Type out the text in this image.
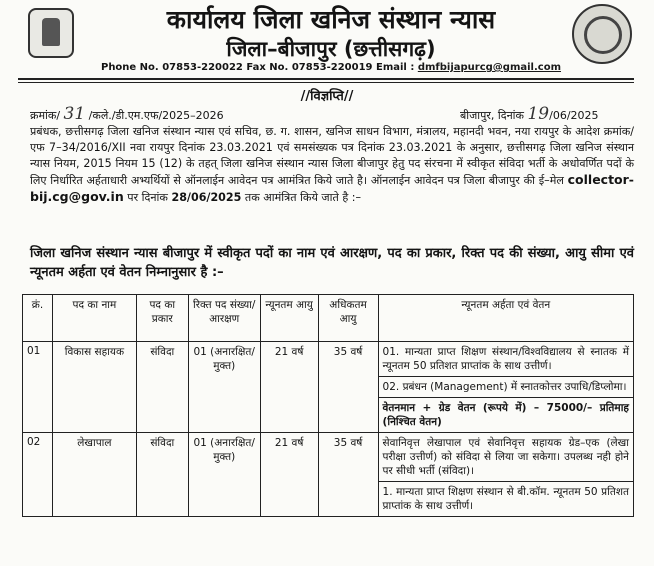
कार्यालय जिला खनिज संस्थान न्यास
जिला–बीजापुर (छत्तीसगढ़)
Phone No. 07853-220022 Fax No. 07853-220019 Email : dmfbijapurcg@gmail.com
//विज्ञप्ति//
क्रमांक/ 31 /कले./डी.एम.एफ/2025–2026	बीजापुर, दिनांक 19/06/2025
प्रबंधक, छत्तीसगढ़ जिला खनिज संस्थान न्यास एवं सचिव, छ. ग. शासन, खनिज साधन विभाग, मंत्रालय, महानदी भवन, नया रायपुर के आदेश क्रमांक/एफ 7–34/2016/XII नवा रायपुर दिनांक 23.03.2021 एवं समसंख्यक पत्र दिनांक 23.03.2021 के अनुसार, छत्तीसगढ़ जिला खनिज संस्थान न्यास नियम, 2015 नियम 15 (12) के तहत् जिला खनिज संस्थान न्यास जिला बीजापुर हेतु पद संरचना में स्वीकृत संविदा भर्ती के अधोवर्णित पदों के लिए निर्धारित अर्हताधारी अभ्यर्थियों से ऑनलाईन आवेदन पत्र आमंत्रित किये जाते है। ऑनलाईन आवेदन पत्र जिला बीजापुर की ई–मेल collector-bij.cg@gov.in पर दिनांक 28/06/2025 तक आमंत्रित किये जाते है :–
जिला खनिज संस्थान न्यास बीजापुर में स्वीकृत पदों का नाम एवं आरक्षण, पद का प्रकार, रिक्त पद की संख्या, आयु सीमा एवं न्यूनतम अर्हता एवं वेतन निम्नानुसार है :–
क्रं.	पद का नाम	पद का प्रकार	रिक्त पद संख्या/आरक्षण	न्यूनतम आयु	अधिकतम आयु	न्यूनतम अर्हता एवं वेतन
01	विकास सहायक	संविदा	01 (अनारक्षित/मुक्त)	21 वर्ष	35 वर्ष	01. मान्यता प्राप्त शिक्षण संस्थान/विश्वविद्यालय से स्नातक में न्यूनतम 50 प्रतिशत प्राप्तांक के साथ उत्तीर्ण।
02. प्रबंधन (Management) में स्नातकोत्तर उपाधि/डिप्लोमा।
वेतनमान + ग्रेड वेतन (रूपये में) – 75000/– प्रतिमाह (निश्चित वेतन)

02	लेखापाल	संविदा	01 (अनारक्षित/मुक्त)	21 वर्ष	35 वर्ष	सेवानिवृत्त लेखापाल एवं सेवानिवृत्त सहायक ग्रेड–एक (लेखा परीक्षा उत्तीर्ण) को संविदा से लिया जा सकेगा। उपलब्ध नही होने पर सीधी भर्ती (संविदा)।
1. मान्यता प्राप्त शिक्षण संस्थान से बी.कॉम. न्यूनतम 50 प्रतिशत प्राप्तांक के साथ उत्तीर्ण।
